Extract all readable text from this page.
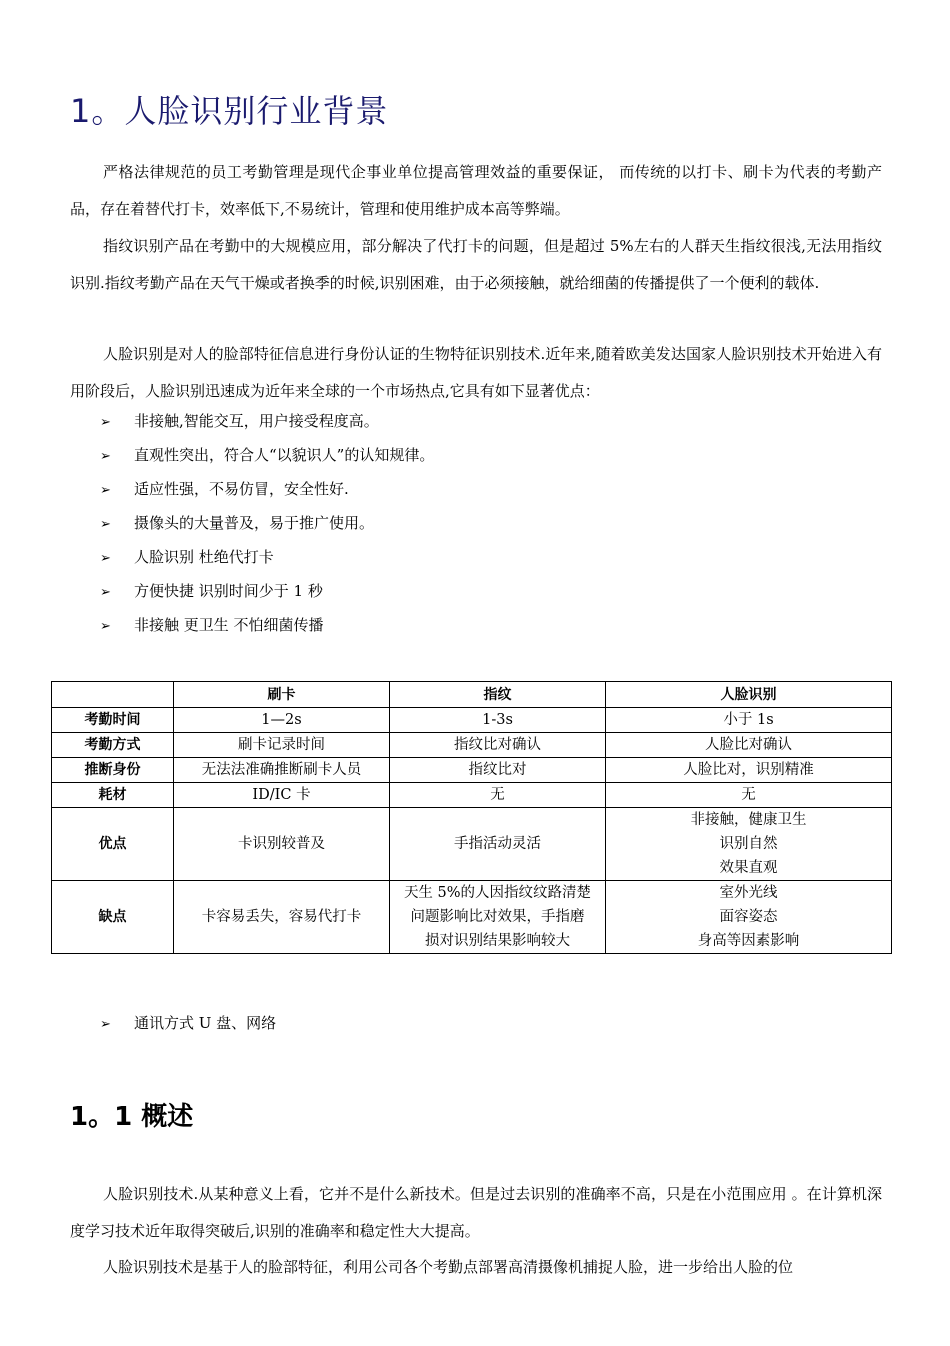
1。人脸识别行业背景

严格法律规范的员工考勤管理是现代企事业单位提高管理效益的重要保证， 而传统的以打卡、刷卡为代表的考勤产品，存在着替代打卡，效率低下,不易统计，管理和使用维护成本高等弊端。

指纹识别产品在考勤中的大规模应用，部分解决了代打卡的问题，但是超过 5%左右的人群天生指纹很浅,无法用指纹识别.指纹考勤产品在天气干燥或者换季的时候,识别困难，由于必须接触，就给细菌的传播提供了一个便利的载体.

人脸识别是对人的脸部特征信息进行身份认证的生物特征识别技术.近年来,随着欧美发达国家人脸识别技术开始进入有用阶段后，人脸识别迅速成为近年来全球的一个市场热点,它具有如下显著优点：

➢ 非接触,智能交互，用户接受程度高。
➢ 直观性突出，符合人“以貌识人”的认知规律。
➢ 适应性强，不易仿冒，安全性好.
➢ 摄像头的大量普及，易于推广使用。
➢ 人脸识别 杜绝代打卡
➢ 方便快捷 识别时间少于 1 秒
➢ 非接触 更卫生 不怕细菌传播
	刷卡	指纹	人脸识别
考勤时间	1—2s	1-3s	小于 1s

考勤方式	刷卡记录时间	指纹比对确认	人脸比对确认

推断身份	无法法准确推断刷卡人员	指纹比对	人脸比对，识别精准

耗材	ID/IC 卡	无	无

优点	卡识别较普及	手指活动灵活	非接触，健康卫生
识别自然
效果直观

缺点	卡容易丢失，容易代打卡	天生 5%的人因指纹纹路清楚
问题影响比对效果，手指磨
损对识别结果影响较大	室外光线
面容姿态
身高等因素影响
➢ 通讯方式 U 盘、网络
1。1 概述

人脸识别技术.从某种意义上看，它并不是什么新技术。但是过去识别的准确率不高，只是在小范围应用 。在计算机深度学习技术近年取得突破后,识别的准确率和稳定性大大提高。

人脸识别技术是基于人的脸部特征，利用公司各个考勤点部署高清摄像机捕捉人脸，进一步给出人脸的位
